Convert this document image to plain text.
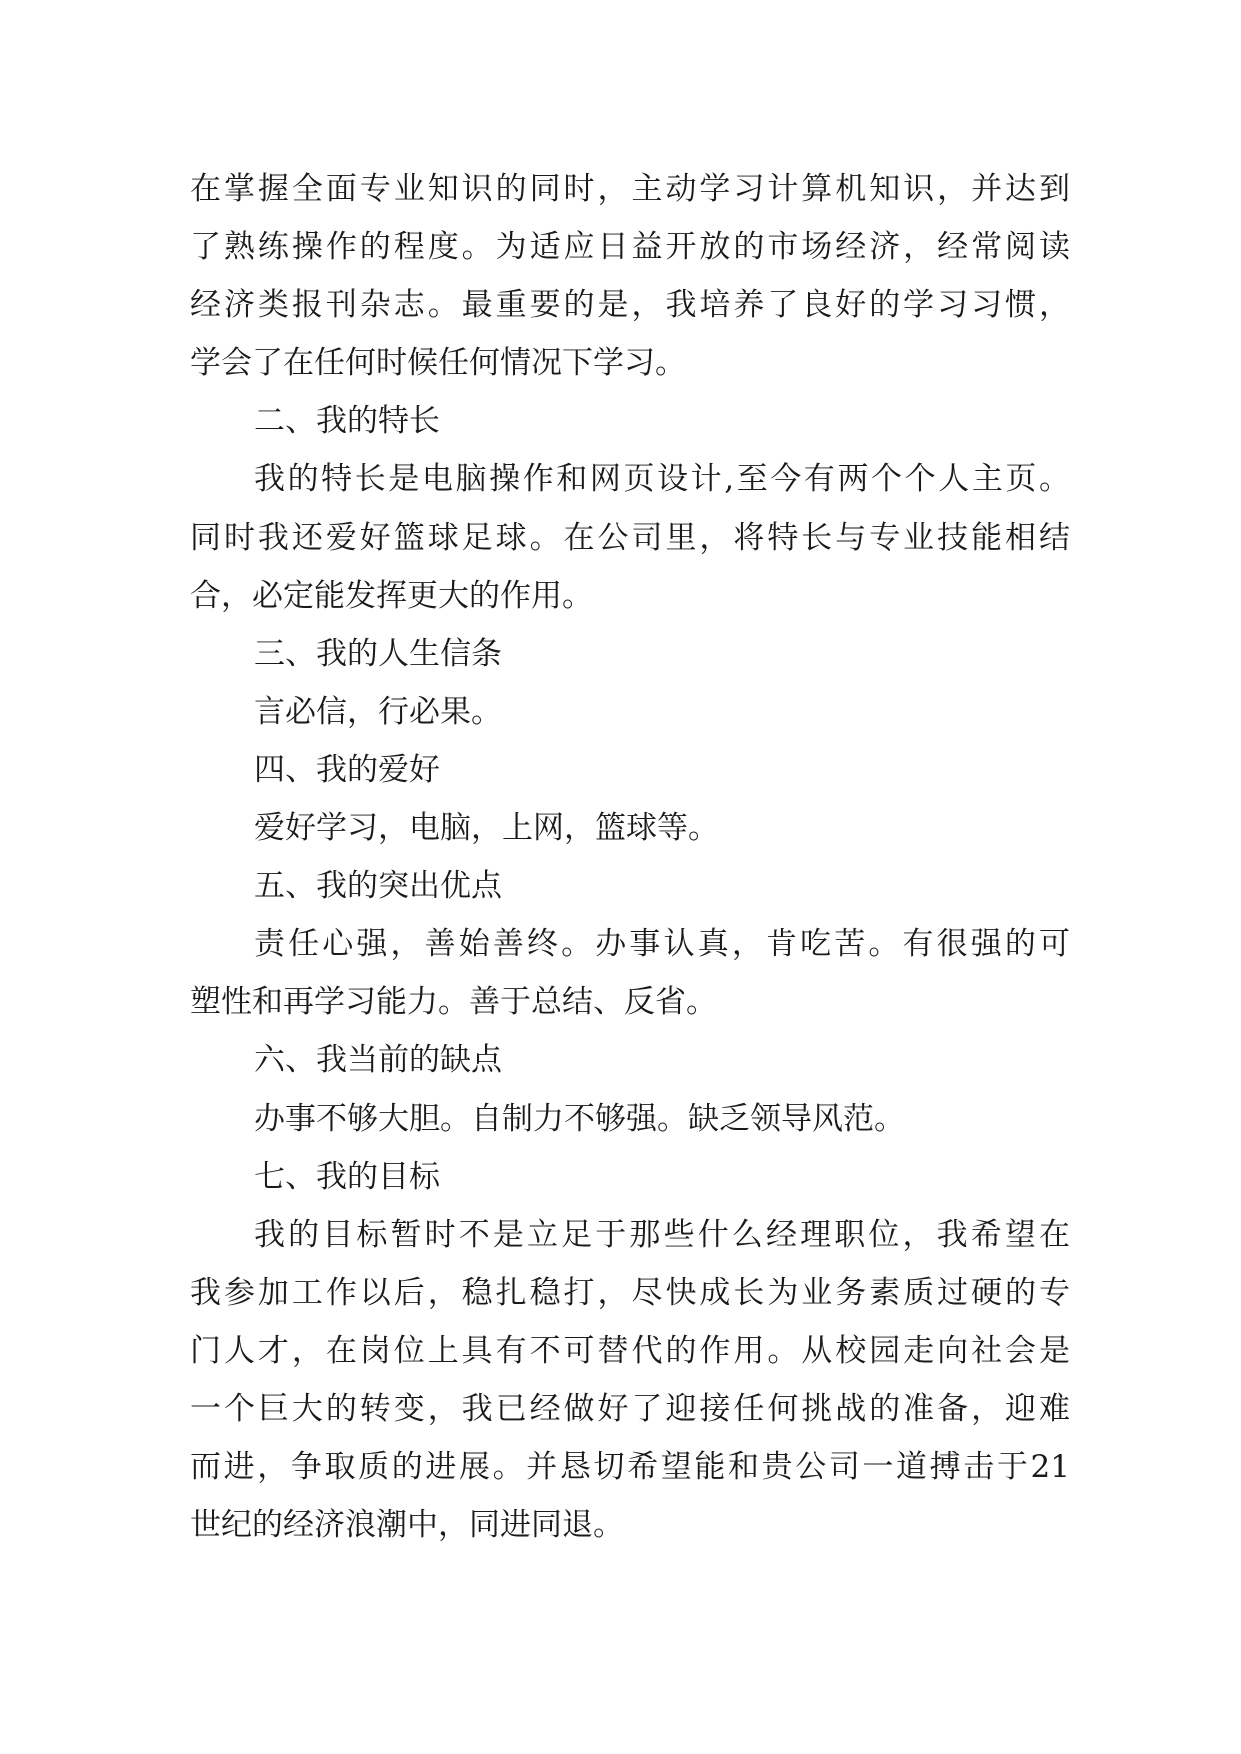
在掌握全面专业知识的同时，主动学习计算机知识，并达到
了熟练操作的程度。为适应日益开放的市场经济，经常阅读
经济类报刊杂志。最重要的是，我培养了良好的学习习惯，
学会了在任何时候任何情况下学习。
二、我的特长
我的特长是电脑操作和网页设计,至今有两个个人主页。
同时我还爱好篮球足球。在公司里，将特长与专业技能相结
合，必定能发挥更大的作用。
三、我的人生信条
言必信，行必果。
四、我的爱好
爱好学习，电脑，上网，篮球等。
五、我的突出优点
责任心强，善始善终。办事认真，肯吃苦。有很强的可
塑性和再学习能力。善于总结、反省。
六、我当前的缺点
办事不够大胆。自制力不够强。缺乏领导风范。
七、我的目标
我的目标暂时不是立足于那些什么经理职位，我希望在
我参加工作以后，稳扎稳打，尽快成长为业务素质过硬的专
门人才，在岗位上具有不可替代的作用。从校园走向社会是
一个巨大的转变，我已经做好了迎接任何挑战的准备，迎难
而进，争取质的进展。并恳切希望能和贵公司一道搏击于21
世纪的经济浪潮中，同进同退。
